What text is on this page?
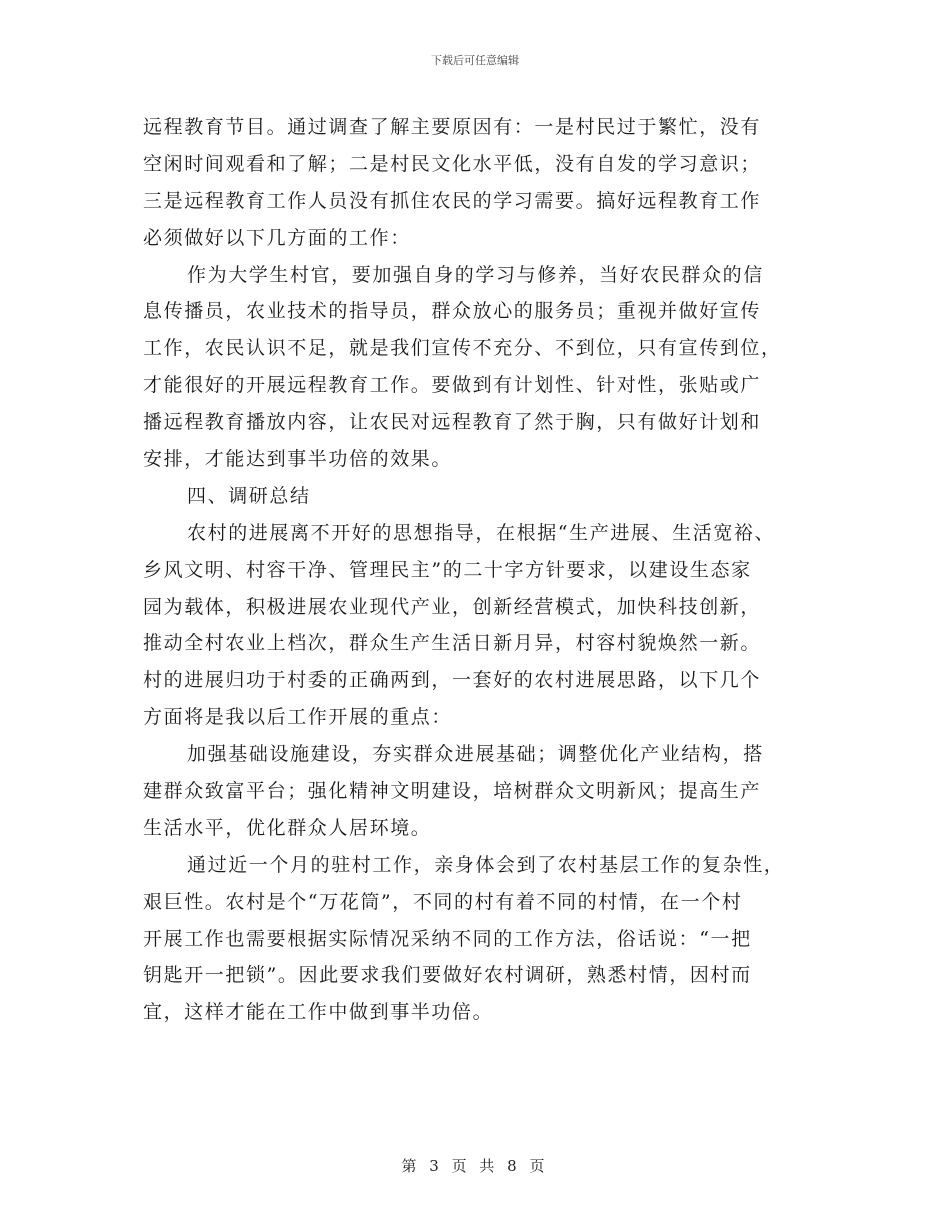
下载后可任意编辑
远程教育节目。通过调查了解主要原因有：一是村民过于繁忙，没有
空闲时间观看和了解；二是村民文化水平低，没有自发的学习意识；
三是远程教育工作人员没有抓住农民的学习需要。搞好远程教育工作
必须做好以下几方面的工作：
作为大学生村官，要加强自身的学习与修养，当好农民群众的信
息传播员，农业技术的指导员，群众放心的服务员；重视并做好宣传
工作，农民认识不足，就是我们宣传不充分、不到位，只有宣传到位，
才能很好的开展远程教育工作。要做到有计划性、针对性，张贴或广
播远程教育播放内容，让农民对远程教育了然于胸，只有做好计划和
安排，才能达到事半功倍的效果。
四、调研总结
农村的进展离不开好的思想指导，在根据“生产进展、生活宽裕、
乡风文明、村容干净、管理民主”的二十字方针要求，以建设生态家
园为载体，积极进展农业现代产业，创新经营模式，加快科技创新，
推动全村农业上档次，群众生产生活日新月异，村容村貌焕然一新。
村的进展归功于村委的正确两到，一套好的农村进展思路，以下几个
方面将是我以后工作开展的重点：
加强基础设施建设，夯实群众进展基础；调整优化产业结构，搭
建群众致富平台；强化精神文明建设，培树群众文明新风；提高生产
生活水平，优化群众人居环境。
通过近一个月的驻村工作，亲身体会到了农村基层工作的复杂性，
艰巨性。农村是个“万花筒”，不同的村有着不同的村情，在一个村
开展工作也需要根据实际情况采纳不同的工作方法，俗话说：“一把
钥匙开一把锁”。因此要求我们要做好农村调研，熟悉村情，因村而
宜，这样才能在工作中做到事半功倍。
第 3 页 共 8 页
